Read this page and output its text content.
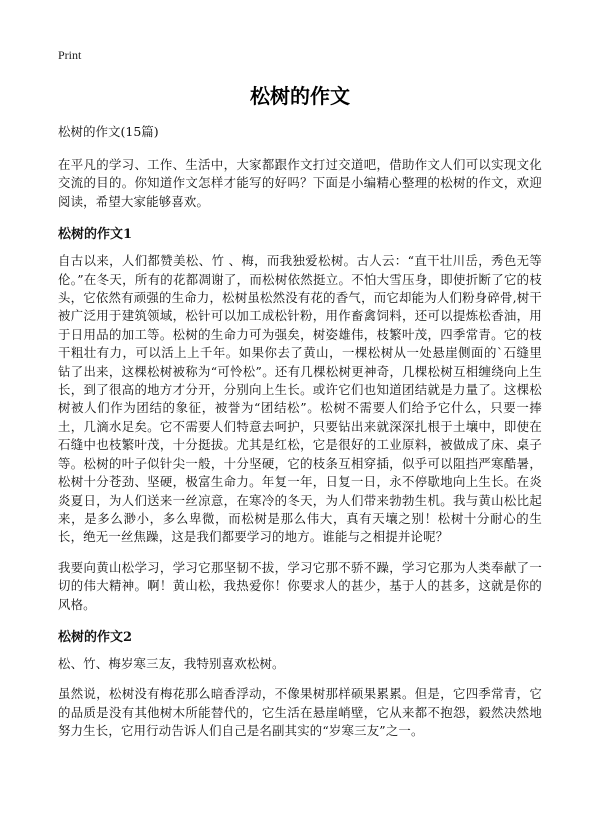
Print
松树的作文
松树的作文(15篇)

在平凡的学习、工作、生活中，大家都跟作文打过交道吧，借助作文人们可以实现文化交流的目的。你知道作文怎样才能写的好吗？下面是小编精心整理的松树的作文，欢迎阅读，希望大家能够喜欢。

松树的作文1

自古以来，人们都赞美松、竹 、梅，而我独爱松树。古人云：“直干壮川岳，秀色无等伦。”在冬天，所有的花都凋谢了，而松树依然挺立。不怕大雪压身，即使折断了它的枝头，它依然有顽强的生命力，松树虽松然没有花的香气，而它却能为人们粉身碎骨,树干被广泛用于建筑领域，松针可以加工成松针粉，用作畜禽饲料，还可以提炼松香油，用于日用品的加工等。松树的生命力可为强矣，树姿雄伟，枝繁叶茂，四季常青。它的枝干粗壮有力，可以活上上千年。如果你去了黄山，一棵松树从一处悬崖侧面的`石缝里钻了出来，这棵松树被称为“可怜松”。还有几棵松树更神奇，几棵松树互相缠绕向上生长，到了很高的地方才分开，分别向上生长。或许它们也知道团结就是力量了。这棵松树被人们作为团结的象征，被誉为“团结松”。松树不需要人们给予它什么，只要一捧土，几滴水足矣。它不需要人们特意去呵护，只要钻出来就深深扎根于土壤中，即使在石缝中也枝繁叶茂，十分挺拔。尤其是红松，它是很好的工业原料，被做成了床、桌子等。松树的叶子似针尖一般，十分坚硬，它的枝条互相穿插，似乎可以阻挡严寒酷暑，松树十分苍劲、坚硬，极富生命力。年复一年，日复一日，永不停歇地向上生长。在炎炎夏日，为人们送来一丝凉意，在寒冷的冬天，为人们带来勃勃生机。我与黄山松比起来，是多么渺小，多么卑微，而松树是那么伟大，真有天壤之别！松树十分耐心的生长，绝无一丝焦躁，这是我们都要学习的地方。谁能与之相提并论呢？

我要向黄山松学习，学习它那坚韧不拔，学习它那不骄不躁，学习它那为人类奉献了一切的伟大精神。啊！黄山松，我热爱你！你要求人的甚少，基于人的甚多，这就是你的风格。

松树的作文2

松、竹、梅岁寒三友，我特别喜欢松树。

虽然说，松树没有梅花那么暗香浮动，不像果树那样硕果累累。但是，它四季常青，它的品质是没有其他树木所能替代的，它生活在悬崖峭壁，它从来都不抱怨，毅然决然地努力生长，它用行动告诉人们自己是名副其实的“岁寒三友”之一。
